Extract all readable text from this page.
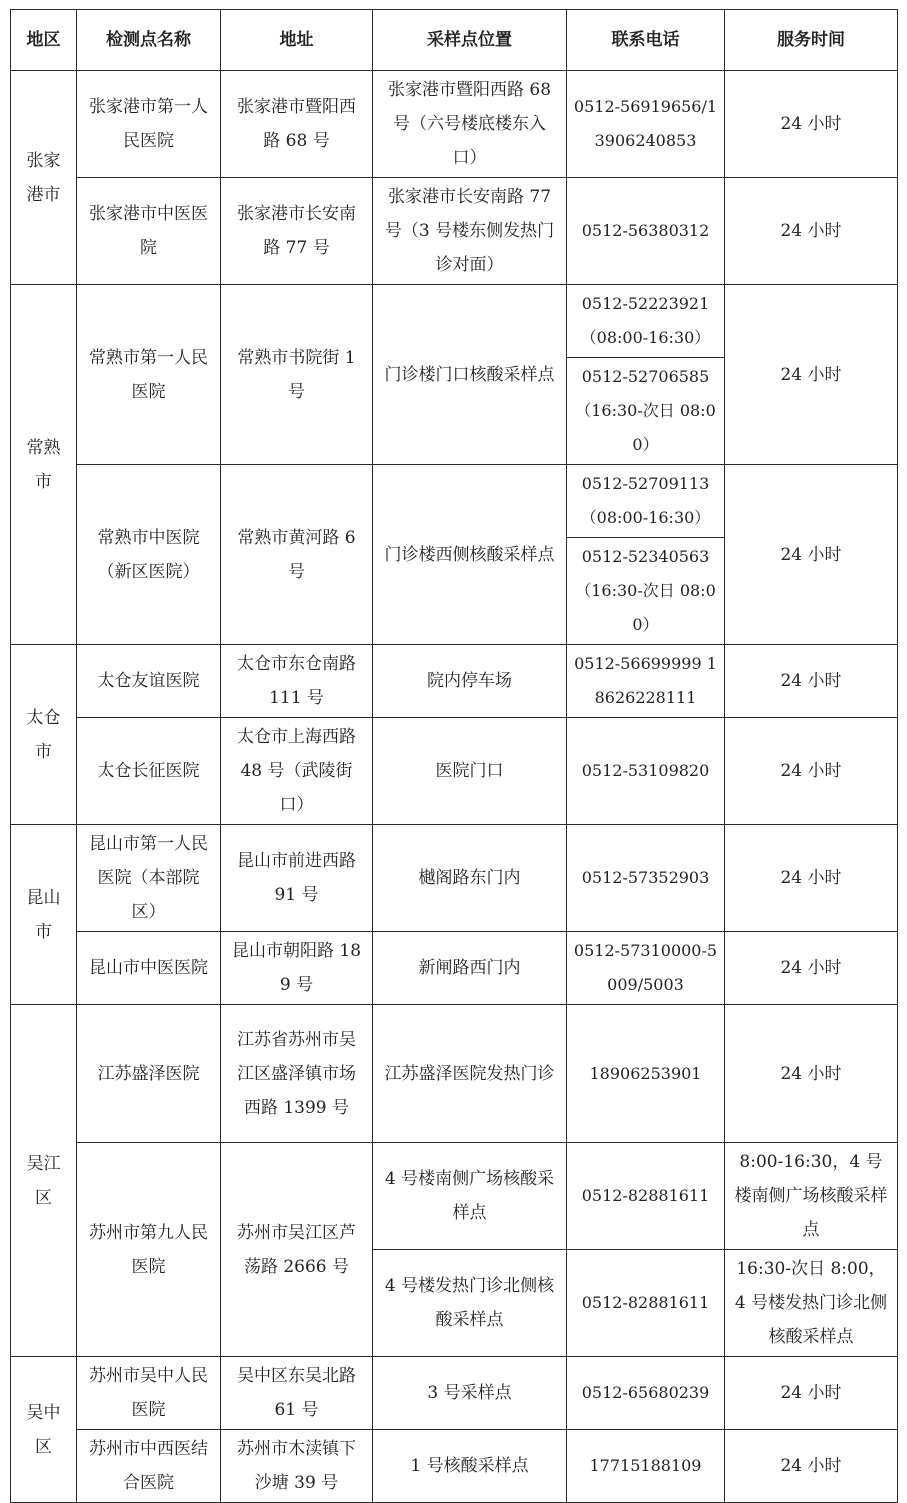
地区	检测点名称	地址	采样点位置	联系电话	服务时间
张家港市	张家港市第一人民医院	张家港市暨阳西路 68 号	张家港市暨阳西路 68 号（六号楼底楼东入口）	0512-56919656/13906240853	24 小时
	张家港市中医医院	张家港市长安南路 77 号	张家港市长安南路 77 号（3 号楼东侧发热门诊对面）	0512-56380312	24 小时
常熟市	常熟市第一人民医院	常熟市书院街 1 号	门诊楼门口核酸采样点	0512-52223921（08:00-16:30）	24 小时
				0512-52706585（16:30-次日 08:00）	
	常熟市中医院（新区医院）	常熟市黄河路 6 号	门诊楼西侧核酸采样点	0512-52709113（08:00-16:30）	24 小时
				0512-52340563（16:30-次日 08:00）	
太仓市	太仓友谊医院	太仓市东仓南路 111 号	院内停车场	0512-56699999 18626228111	24 小时
	太仓长征医院	太仓市上海西路 48 号（武陵街口）	医院门口	0512-53109820	24 小时
昆山市	昆山市第一人民医院（本部院区）	昆山市前进西路 91 号	樾阁路东门内	0512-57352903	24 小时
	昆山市中医医院	昆山市朝阳路 189 号	新闸路西门内	0512-57310000-5009/5003	24 小时
吴江区	江苏盛泽医院	江苏省苏州市吴江区盛泽镇市场西路 1399 号	江苏盛泽医院发热门诊	18906253901	24 小时
	苏州市第九人民医院	苏州市吴江区芦荡路 2666 号	4 号楼南侧广场核酸采样点	0512-82881611	8:00-16:30，4 号楼南侧广场核酸采样点
			4 号楼发热门诊北侧核酸采样点	0512-82881611	16:30-次日 8:00，4 号楼发热门诊北侧核酸采样点
吴中区	苏州市吴中人民医院	吴中区东吴北路 61 号	3 号采样点	0512-65680239	24 小时
	苏州市中西医结合医院	苏州市木渎镇下沙塘 39 号	1 号核酸采样点	17715188109	24 小时
